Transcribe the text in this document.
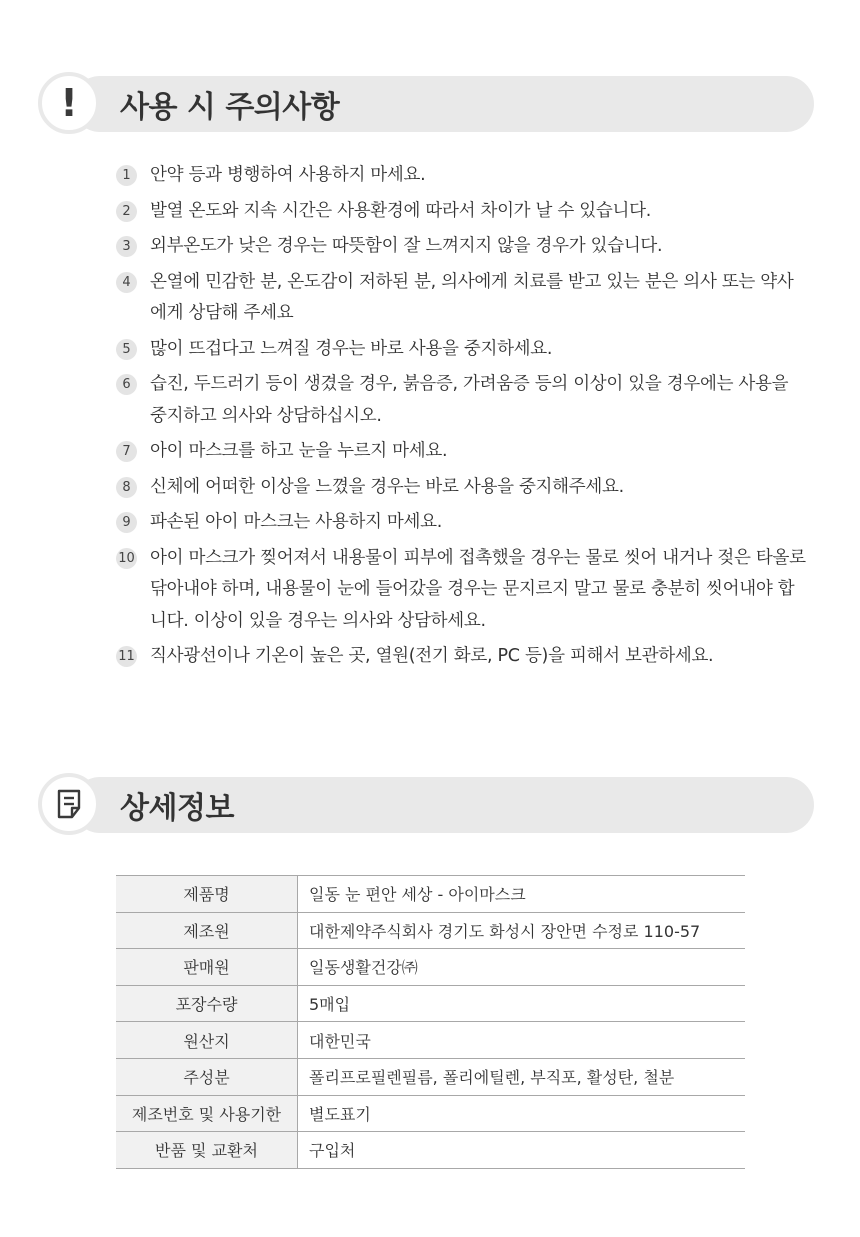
! 사용 시 주의사항
1	안약 등과 병행하여 사용하지 마세요.
2	발열 온도와 지속 시간은 사용환경에 따라서 차이가 날 수 있습니다.
3	외부온도가 낮은 경우는 따뜻함이 잘 느껴지지 않을 경우가 있습니다.
4	온열에 민감한 분, 온도감이 저하된 분, 의사에게 치료를 받고 있는 분은 의사 또는 약사에게 상담해 주세요
5	많이 뜨겁다고 느껴질 경우는 바로 사용을 중지하세요.
6	습진, 두드러기 등이 생겼을 경우, 붉음증, 가려움증 등의 이상이 있을 경우에는 사용을 중지하고 의사와 상담하십시오.
7	아이 마스크를 하고 눈을 누르지 마세요.
8	신체에 어떠한 이상을 느꼈을 경우는 바로 사용을 중지해주세요.
9	파손된 아이 마스크는 사용하지 마세요.
10 아이 마스크가 찢어져서 내용물이 피부에 접촉했을 경우는 물로 씻어 내거나 젖은 타올로 닦아내야 하며, 내용물이 눈에 들어갔을 경우는 문지르지 말고 물로 충분히 씻어내야 합니다. 이상이 있을 경우는 의사와 상담하세요.
11 직사광선이나 기온이 높은 곳, 열원(전기 화로, PC 등)을 피해서 보관하세요.
상세정보
제품명	일동 눈 편안 세상 - 아이마스크
제조원	대한제약주식회사 경기도 화성시 장안면 수정로 110-57
판매원	일동생활건강㈜
포장수량	5매입
원산지	대한민국
주성분	폴리프로필렌필름, 폴리에틸렌, 부직포, 활성탄, 철분
제조번호 및 사용기한	별도표기
반품 및 교환처	구입처
